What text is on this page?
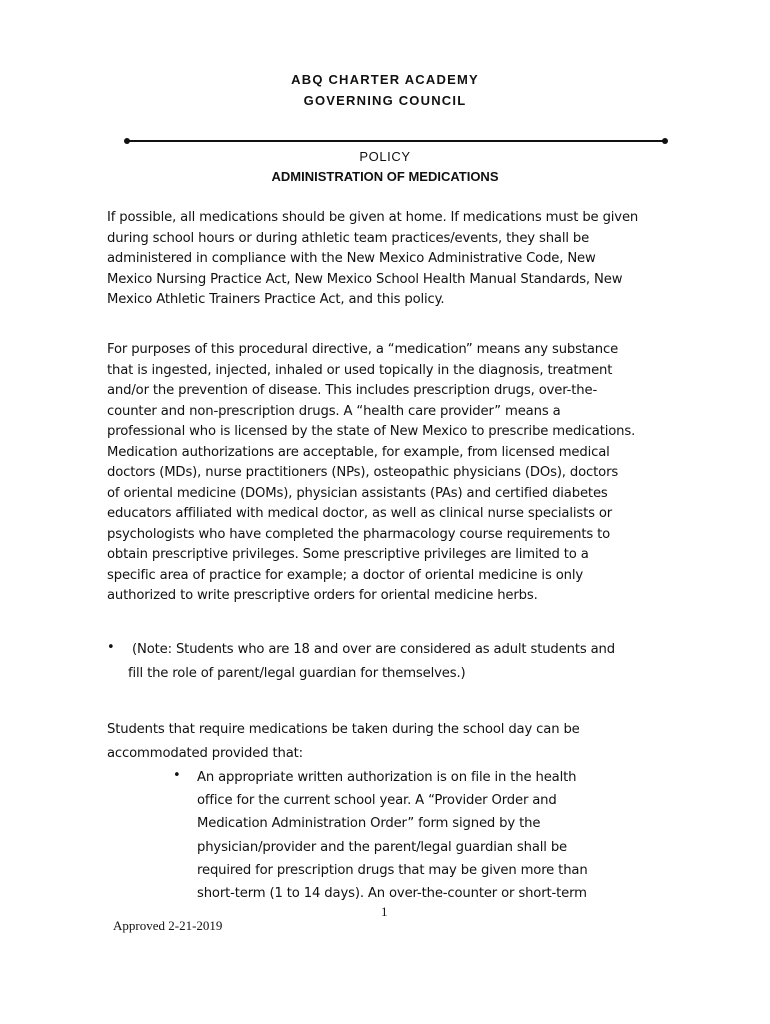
ABQ CHARTER ACADEMY
GOVERNING COUNCIL
POLICY
ADMINISTRATION OF MEDICATIONS
If possible, all medications should be given at home. If medications must be given
during school hours or during athletic team practices/events, they shall be
administered in compliance with the New Mexico Administrative Code, New
Mexico Nursing Practice Act, New Mexico School Health Manual Standards, New
Mexico Athletic Trainers Practice Act, and this policy.
For purposes of this procedural directive, a “medication” means any substance
that is ingested, injected, inhaled or used topically in the diagnosis, treatment
and/or the prevention of disease. This includes prescription drugs, over-the-
counter and non-prescription drugs. A “health care provider” means a
professional who is licensed by the state of New Mexico to prescribe medications.
Medication authorizations are acceptable, for example, from licensed medical
doctors (MDs), nurse practitioners (NPs), osteopathic physicians (DOs), doctors
of oriental medicine (DOMs), physician assistants (PAs) and certified diabetes
educators affiliated with medical doctor, as well as clinical nurse specialists or
psychologists who have completed the pharmacology course requirements to
obtain prescriptive privileges. Some prescriptive privileges are limited to a
specific area of practice for example; a doctor of oriental medicine is only
authorized to write prescriptive orders for oriental medicine herbs.
•	(Note: Students who are 18 and over are considered as adult students and
fill the role of parent/legal guardian for themselves.)
Students that require medications be taken during the school day can be
accommodated provided that:
• An appropriate written authorization is on file in the health
office for the current school year. A “Provider Order and
Medication Administration Order” form signed by the
physician/provider and the parent/legal guardian shall be
required for prescription drugs that may be given more than
short-term (1 to 14 days). An over-the-counter or short-term
1
Approved 2-21-2019
